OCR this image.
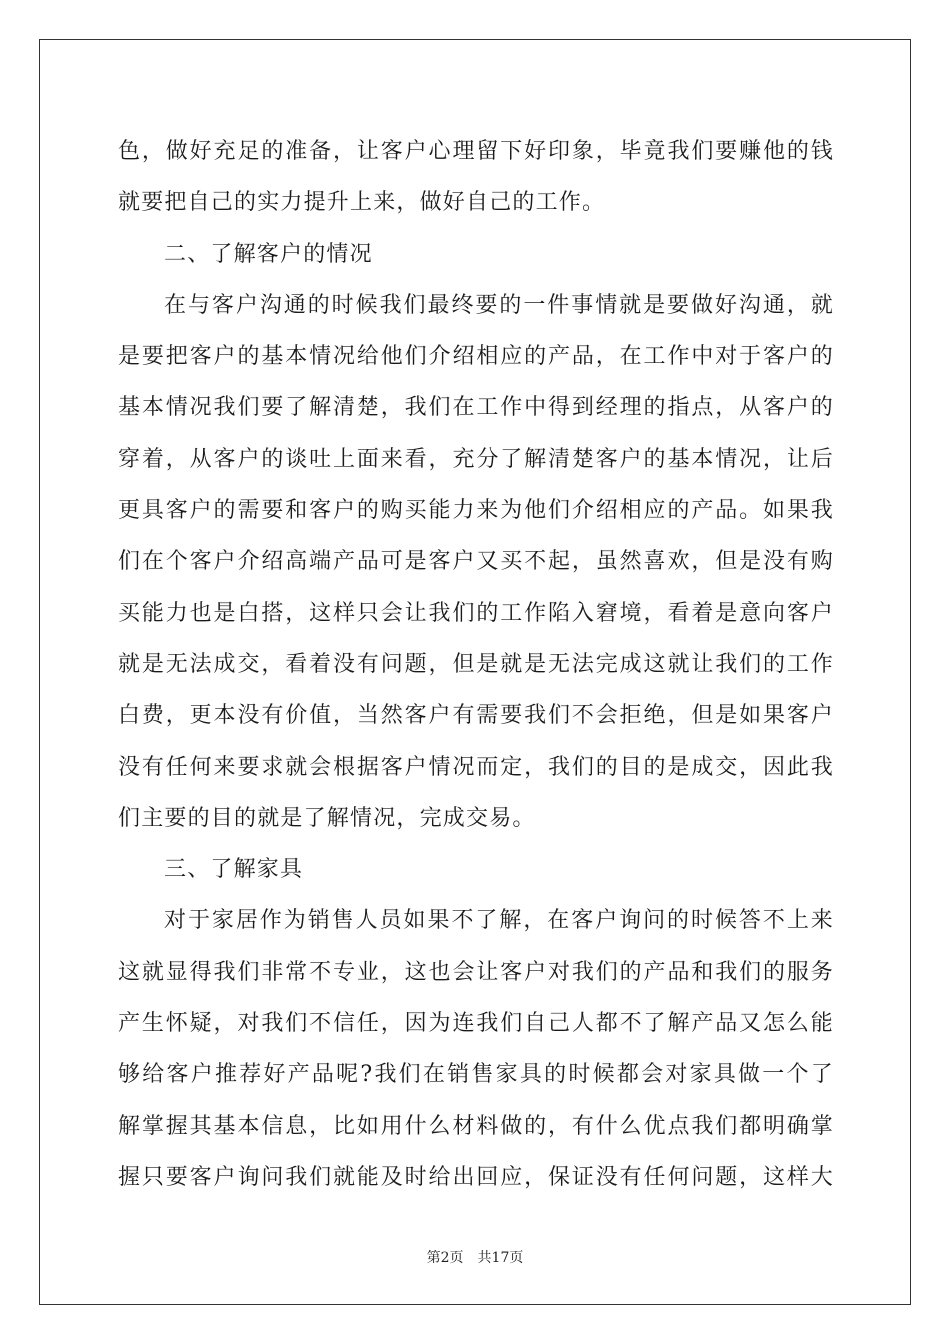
色，做好充足的准备，让客户心理留下好印象，毕竟我们要赚他的钱
就要把自己的实力提升上来，做好自己的工作。
二、了解客户的情况
在与客户沟通的时候我们最终要的一件事情就是要做好沟通，就
是要把客户的基本情况给他们介绍相应的产品，在工作中对于客户的
基本情况我们要了解清楚，我们在工作中得到经理的指点，从客户的
穿着，从客户的谈吐上面来看，充分了解清楚客户的基本情况，让后
更具客户的需要和客户的购买能力来为他们介绍相应的产品。如果我
们在个客户介绍高端产品可是客户又买不起，虽然喜欢，但是没有购
买能力也是白搭，这样只会让我们的工作陷入窘境，看着是意向客户
就是无法成交，看着没有问题，但是就是无法完成这就让我们的工作
白费，更本没有价值，当然客户有需要我们不会拒绝，但是如果客户
没有任何来要求就会根据客户情况而定，我们的目的是成交，因此我
们主要的目的就是了解情况，完成交易。
三、了解家具
对于家居作为销售人员如果不了解，在客户询问的时候答不上来
这就显得我们非常不专业，这也会让客户对我们的产品和我们的服务
产生怀疑，对我们不信任，因为连我们自己人都不了解产品又怎么能
够给客户推荐好产品呢?我们在销售家具的时候都会对家具做一个了
解掌握其基本信息，比如用什么材料做的，有什么优点我们都明确掌
握只要客户询问我们就能及时给出回应，保证没有任何问题，这样大
第2页 共17页
